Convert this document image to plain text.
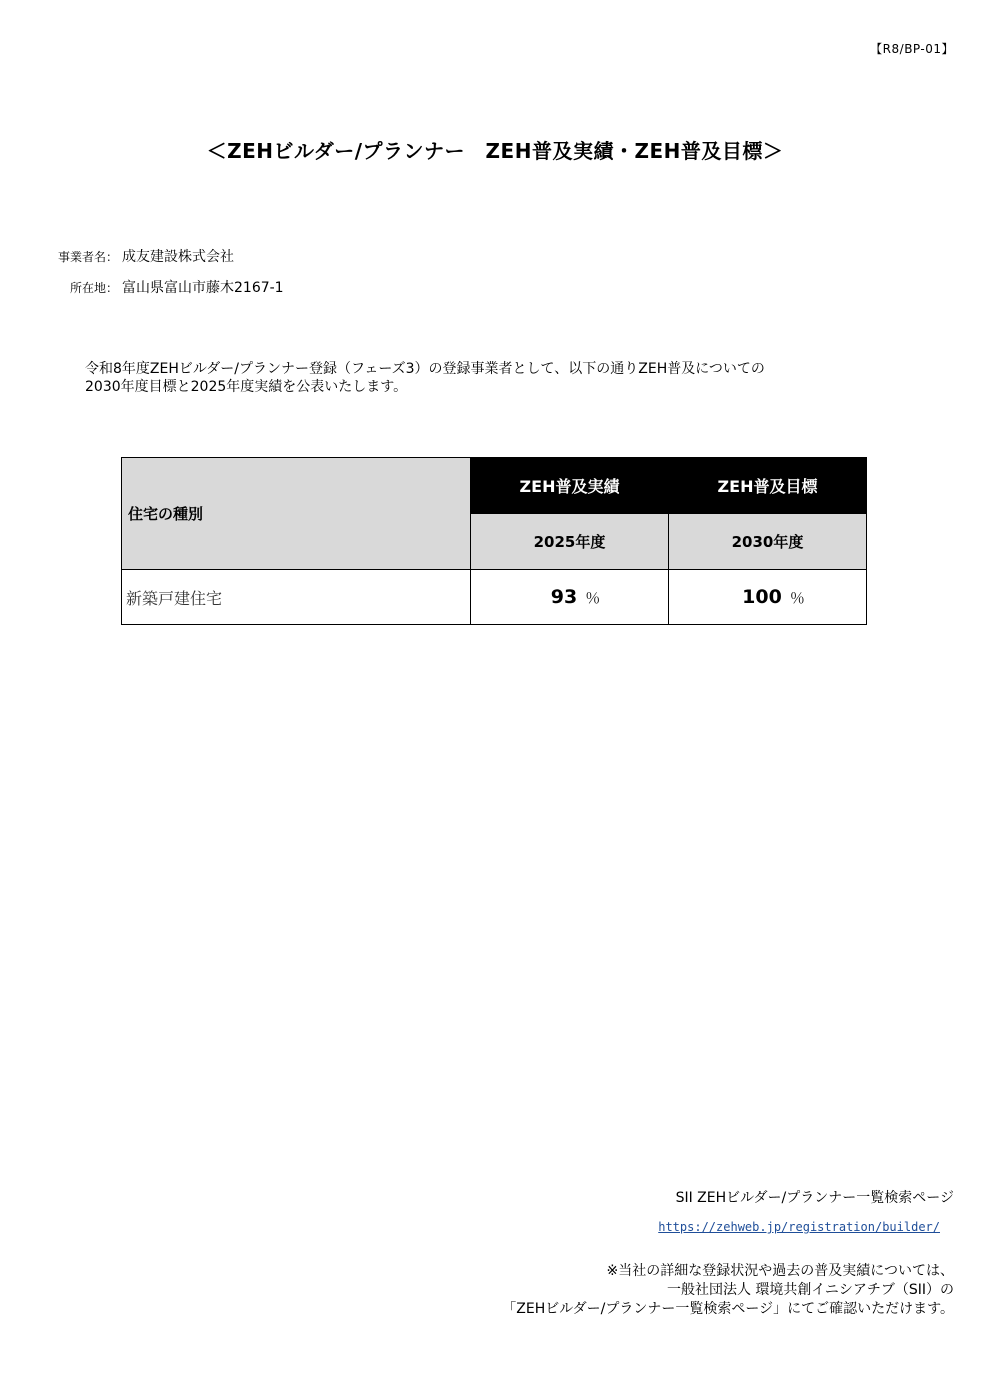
【R8/BP-01】
＜ZEHビルダー/プランナー　ZEH普及実績・ZEH普及目標＞
事業者名： 成友建設株式会社
所在地： 富山県富山市藤木2167-1

令和8年度ZEHビルダー/プランナー登録（フェーズ3）の登録事業者として、以下の通りZEH普及についての

2030年度目標と2025年度実績を公表いたします。

住宅の種別	ZEH普及実績	ZEH普及目標
	2025年度	2030年度
新築戸建住宅	93 ％	100 ％
SII ZEHビルダー/プランナー一覧検索ページ
https://zehweb.jp/registration/builder/

※当社の詳細な登録状況や過去の普及実績については、

一般社団法人 環境共創イニシアチブ（SII）の

「ZEHビルダー/プランナー一覧検索ページ」にてご確認いただけます。
